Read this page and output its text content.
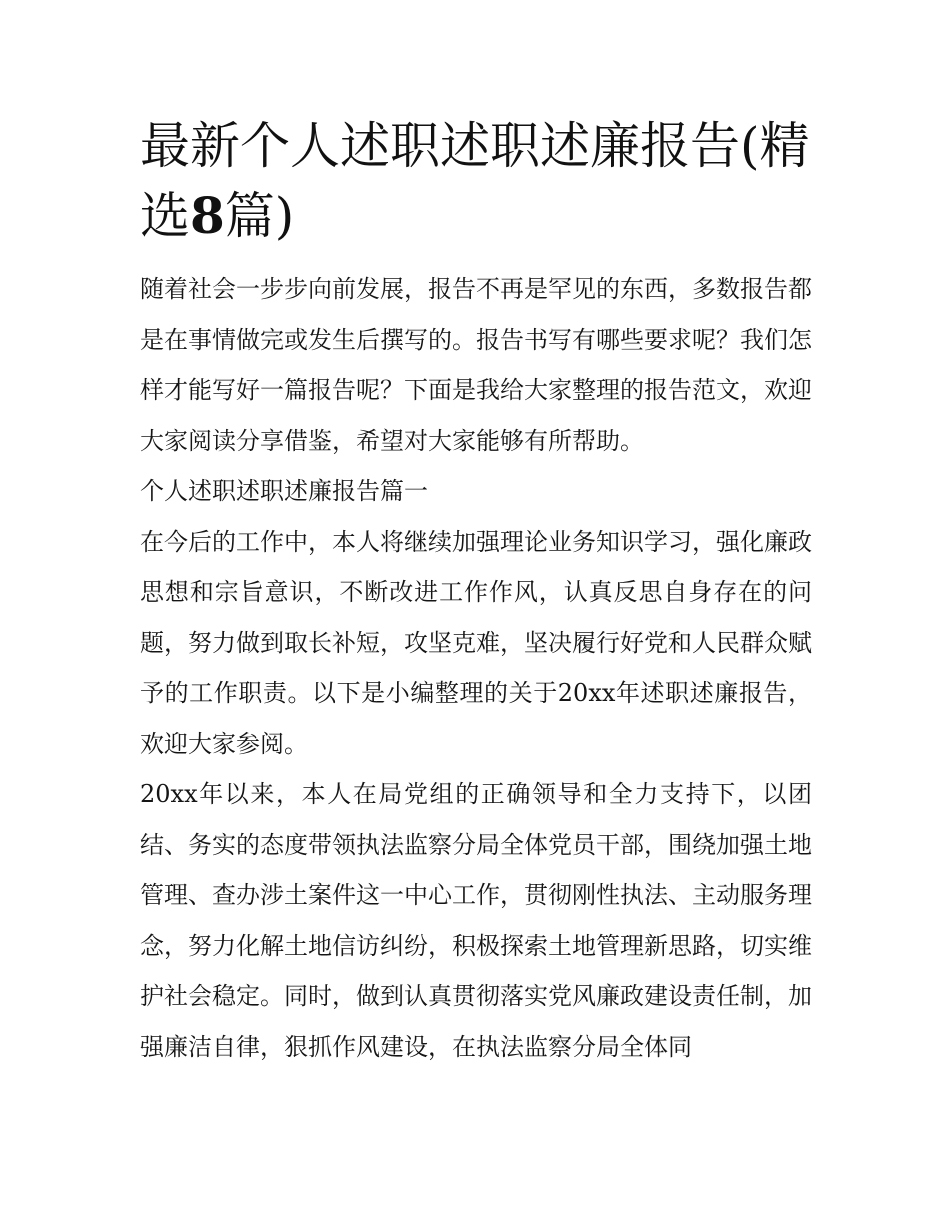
最新个人述职述职述廉报告(精选8篇)

随着社会一步步向前发展，报告不再是罕见的东西，多数报告都是在事情做完或发生后撰写的。报告书写有哪些要求呢？我们怎样才能写好一篇报告呢？下面是我给大家整理的报告范文，欢迎大家阅读分享借鉴，希望对大家能够有所帮助。

个人述职述职述廉报告篇一

在今后的工作中，本人将继续加强理论业务知识学习，强化廉政思想和宗旨意识，不断改进工作作风，认真反思自身存在的问题，努力做到取长补短，攻坚克难，坚决履行好党和人民群众赋予的工作职责。以下是小编整理的关于20xx年述职述廉报告，欢迎大家参阅。

20xx年以来，本人在局党组的正确领导和全力支持下，以团结、务实的态度带领执法监察分局全体党员干部，围绕加强土地管理、查办涉土案件这一中心工作，贯彻刚性执法、主动服务理念，努力化解土地信访纠纷，积极探索土地管理新思路，切实维护社会稳定。同时，做到认真贯彻落实党风廉政建设责任制，加强廉洁自律，狠抓作风建设，在执法监察分局全体同
